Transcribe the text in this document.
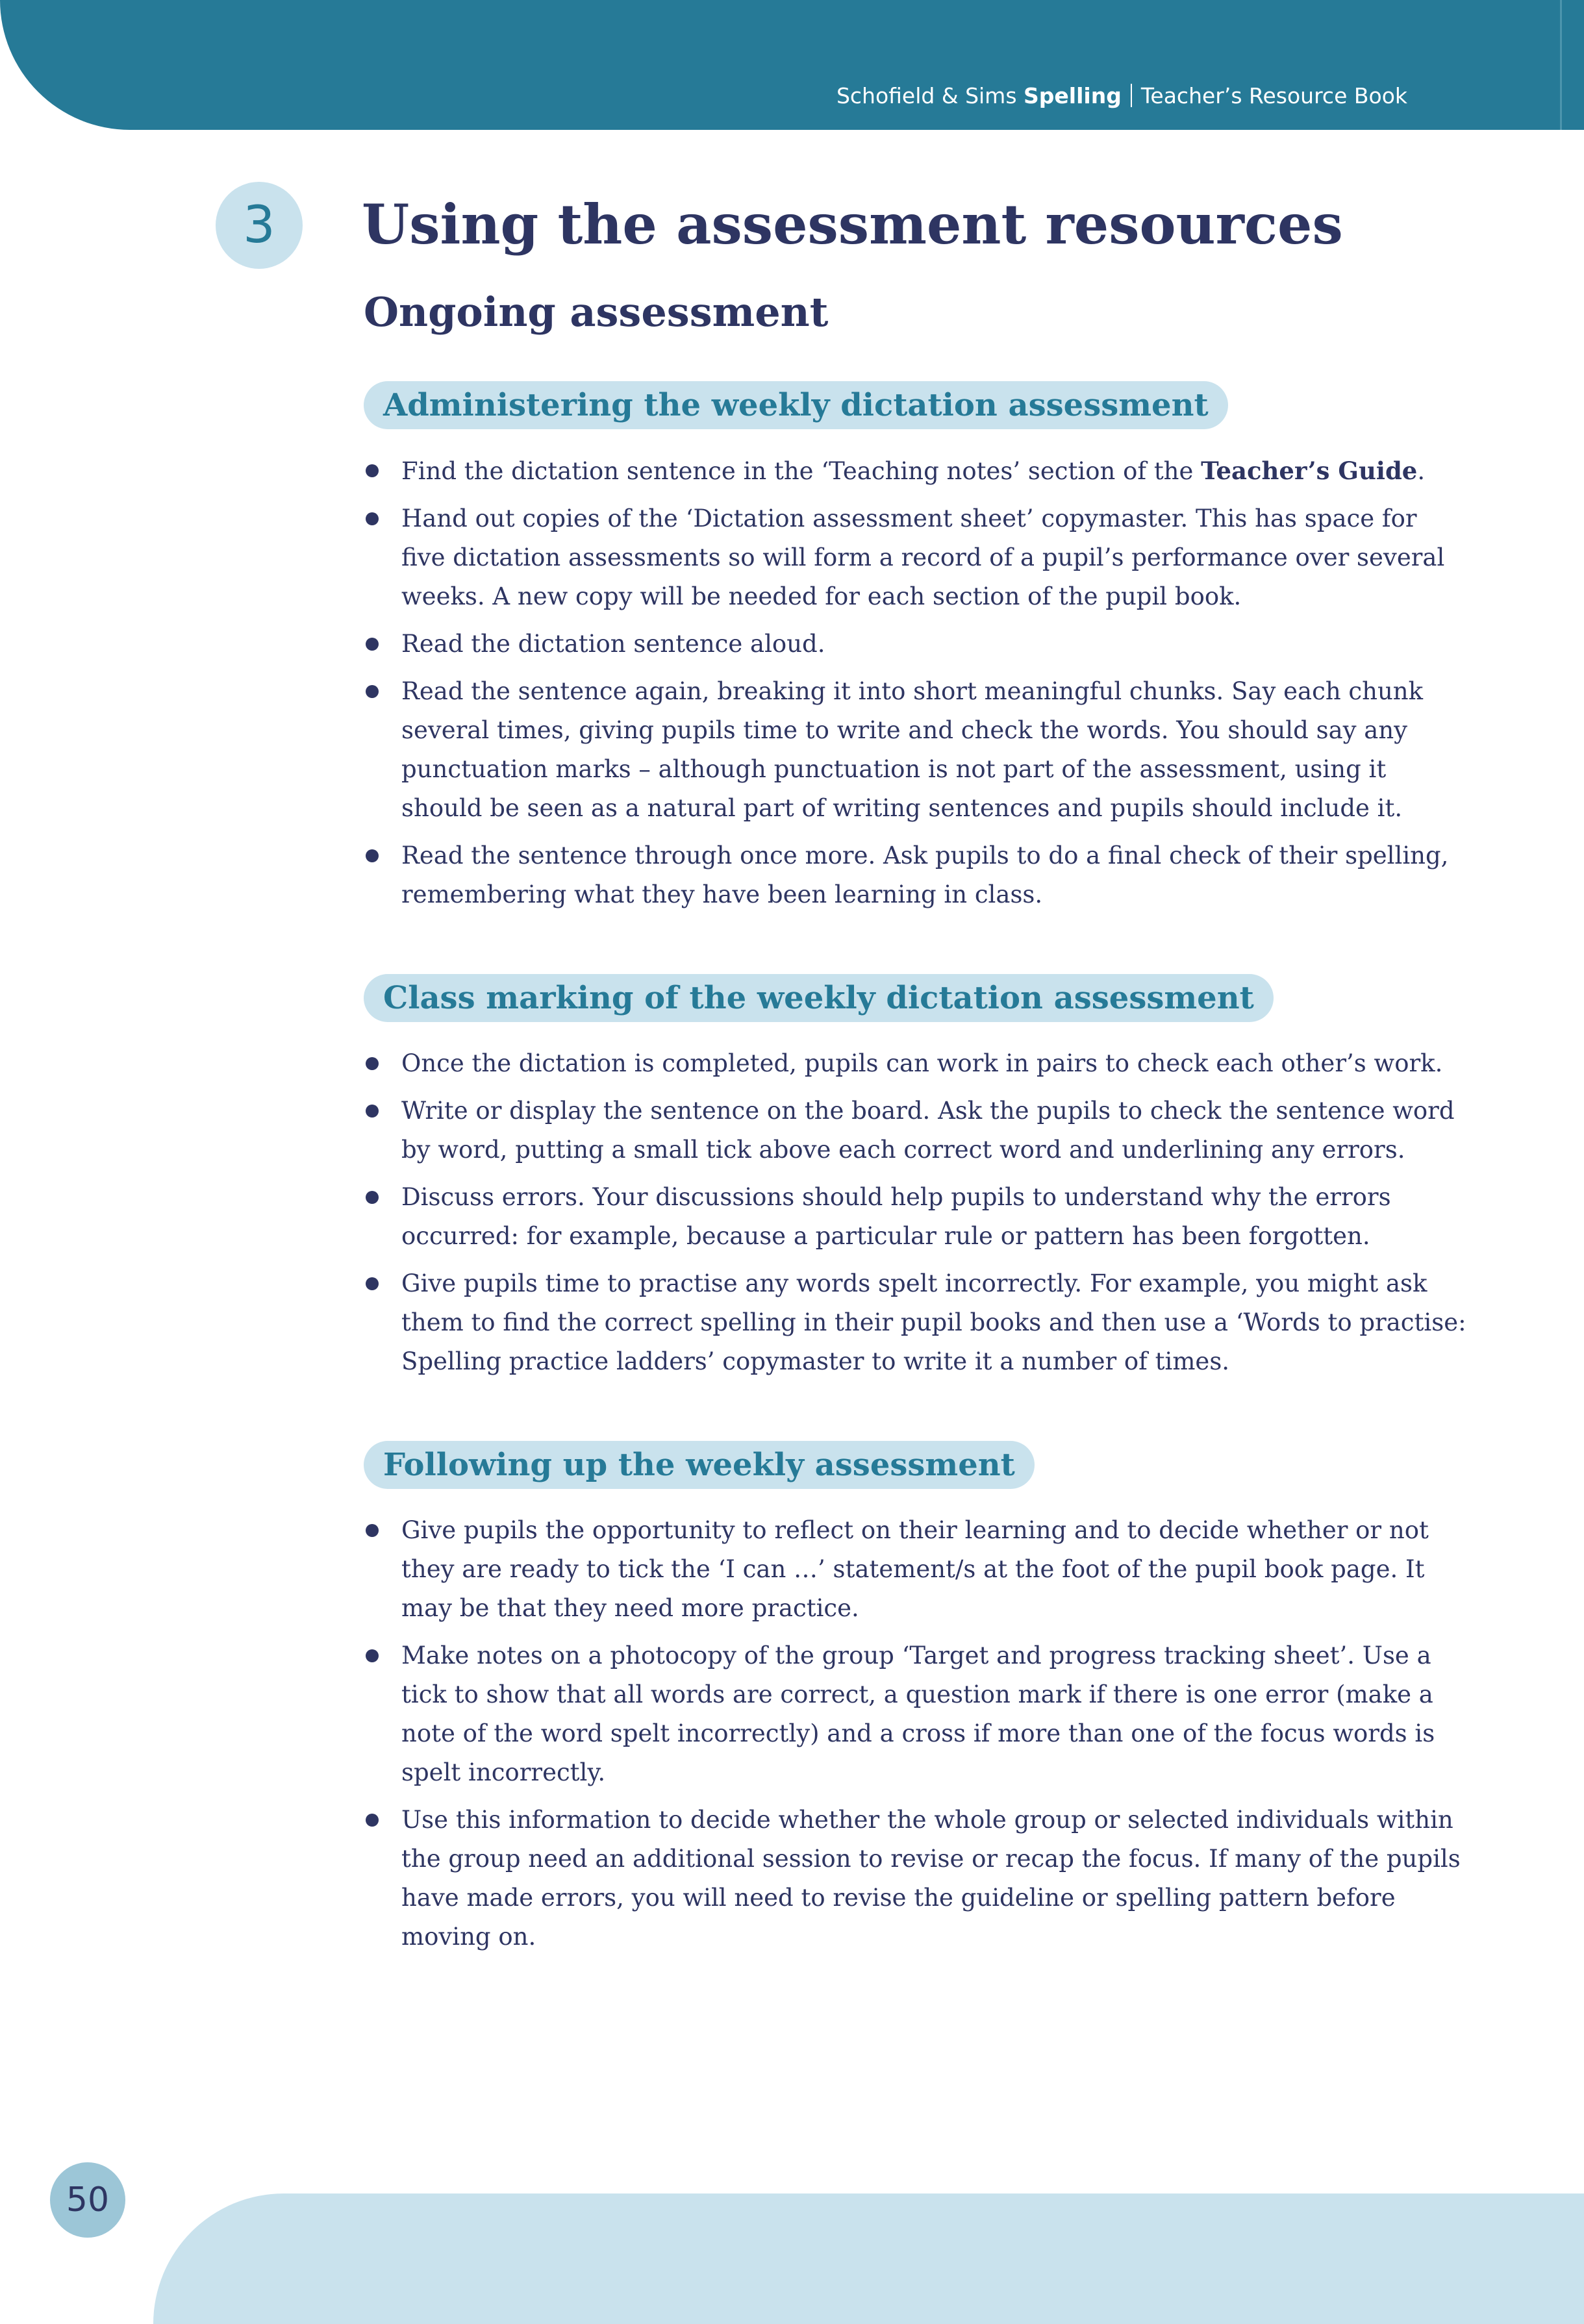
Schofield & Sims Spelling Teacher’s Resource Book
3	Using the assessment resources
Ongoing assessment
Administering the weekly dictation assessment
Find the dictation sentence in the ‘Teaching notes’ section of the Teacher’s Guide.
Hand out copies of the ‘Dictation assessment sheet’ copymaster. This has space for five dictation assessments so will form a record of a pupil’s performance over several weeks. A new copy will be needed for each section of the pupil book.
Read the dictation sentence aloud.
Read the sentence again, breaking it into short meaningful chunks. Say each chunk several times, giving pupils time to write and check the words. You should say any punctuation marks – although punctuation is not part of the assessment, using it should be seen as a natural part of writing sentences and pupils should include it.
Read the sentence through once more. Ask pupils to do a final check of their spelling, remembering what they have been learning in class.
Class marking of the weekly dictation assessment
Once the dictation is completed, pupils can work in pairs to check each other’s work.
Write or display the sentence on the board. Ask the pupils to check the sentence word by word, putting a small tick above each correct word and underlining any errors.
Discuss errors. Your discussions should help pupils to understand why the errors occurred: for example, because a particular rule or pattern has been forgotten.
Give pupils time to practise any words spelt incorrectly. For example, you might ask them to find the correct spelling in their pupil books and then use a ‘Words to practise: Spelling practice ladders’ copymaster to write it a number of times.
Following up the weekly assessment
Give pupils the opportunity to reflect on their learning and to decide whether or not they are ready to tick the ‘I can …’ statement/s at the foot of the pupil book page. It may be that they need more practice.
Make notes on a photocopy of the group ‘Target and progress tracking sheet’. Use a tick to show that all words are correct, a question mark if there is one error (make a note of the word spelt incorrectly) and a cross if more than one of the focus words is spelt incorrectly.
Use this information to decide whether the whole group or selected individuals within the group need an additional session to revise or recap the focus. If many of the pupils have made errors, you will need to revise the guideline or spelling pattern before moving on.
50
